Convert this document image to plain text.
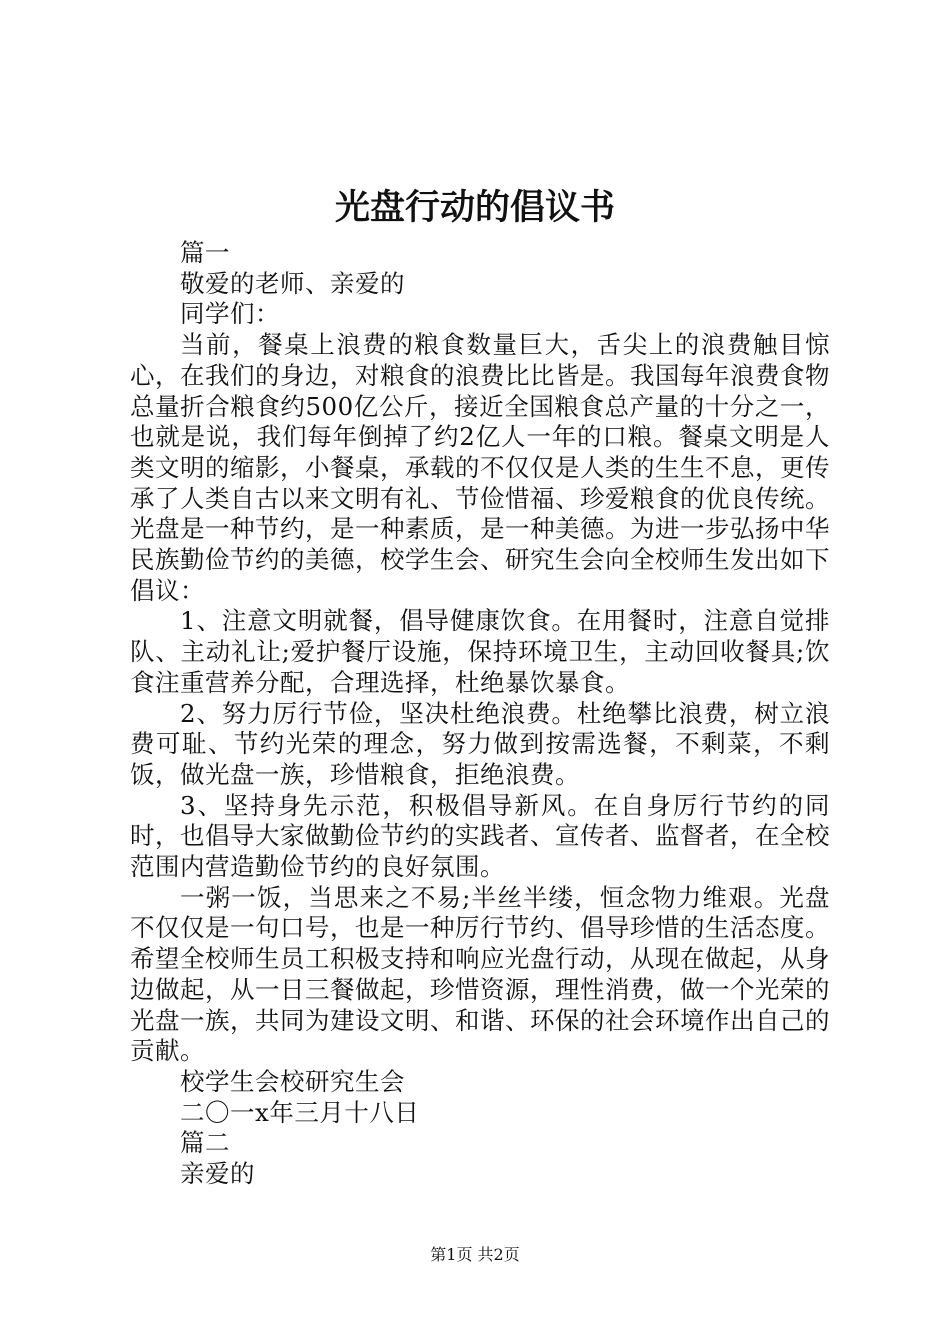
光盘行动的倡议书

篇一

敬爱的老师、亲爱的

同学们：

当前，餐桌上浪费的粮食数量巨大，舌尖上的浪费触目惊心，在我们的身边，对粮食的浪费比比皆是。我国每年浪费食物总量折合粮食约500亿公斤，接近全国粮食总产量的十分之一，也就是说，我们每年倒掉了约2亿人一年的口粮。餐桌文明是人类文明的缩影，小餐桌，承载的不仅仅是人类的生生不息，更传承了人类自古以来文明有礼、节俭惜福、珍爱粮食的优良传统。光盘是一种节约，是一种素质，是一种美德。为进一步弘扬中华民族勤俭节约的美德，校学生会、研究生会向全校师生发出如下倡议：

1、注意文明就餐，倡导健康饮食。在用餐时，注意自觉排队、主动礼让;爱护餐厅设施，保持环境卫生，主动回收餐具;饮食注重营养分配，合理选择，杜绝暴饮暴食。

2、努力厉行节俭，坚决杜绝浪费。杜绝攀比浪费，树立浪费可耻、节约光荣的理念，努力做到按需选餐，不剩菜，不剩饭，做光盘一族，珍惜粮食，拒绝浪费。

3、坚持身先示范，积极倡导新风。在自身厉行节约的同时，也倡导大家做勤俭节约的实践者、宣传者、监督者，在全校范围内营造勤俭节约的良好氛围。

一粥一饭，当思来之不易;半丝半缕，恒念物力维艰。光盘不仅仅是一句口号，也是一种厉行节约、倡导珍惜的生活态度。希望全校师生员工积极支持和响应光盘行动，从现在做起，从身边做起，从一日三餐做起，珍惜资源，理性消费，做一个光荣的光盘一族，共同为建设文明、和谐、环保的社会环境作出自己的贡献。

校学生会校研究生会

二〇一x年三月十八日

篇二

亲爱的

第1页 共2页
